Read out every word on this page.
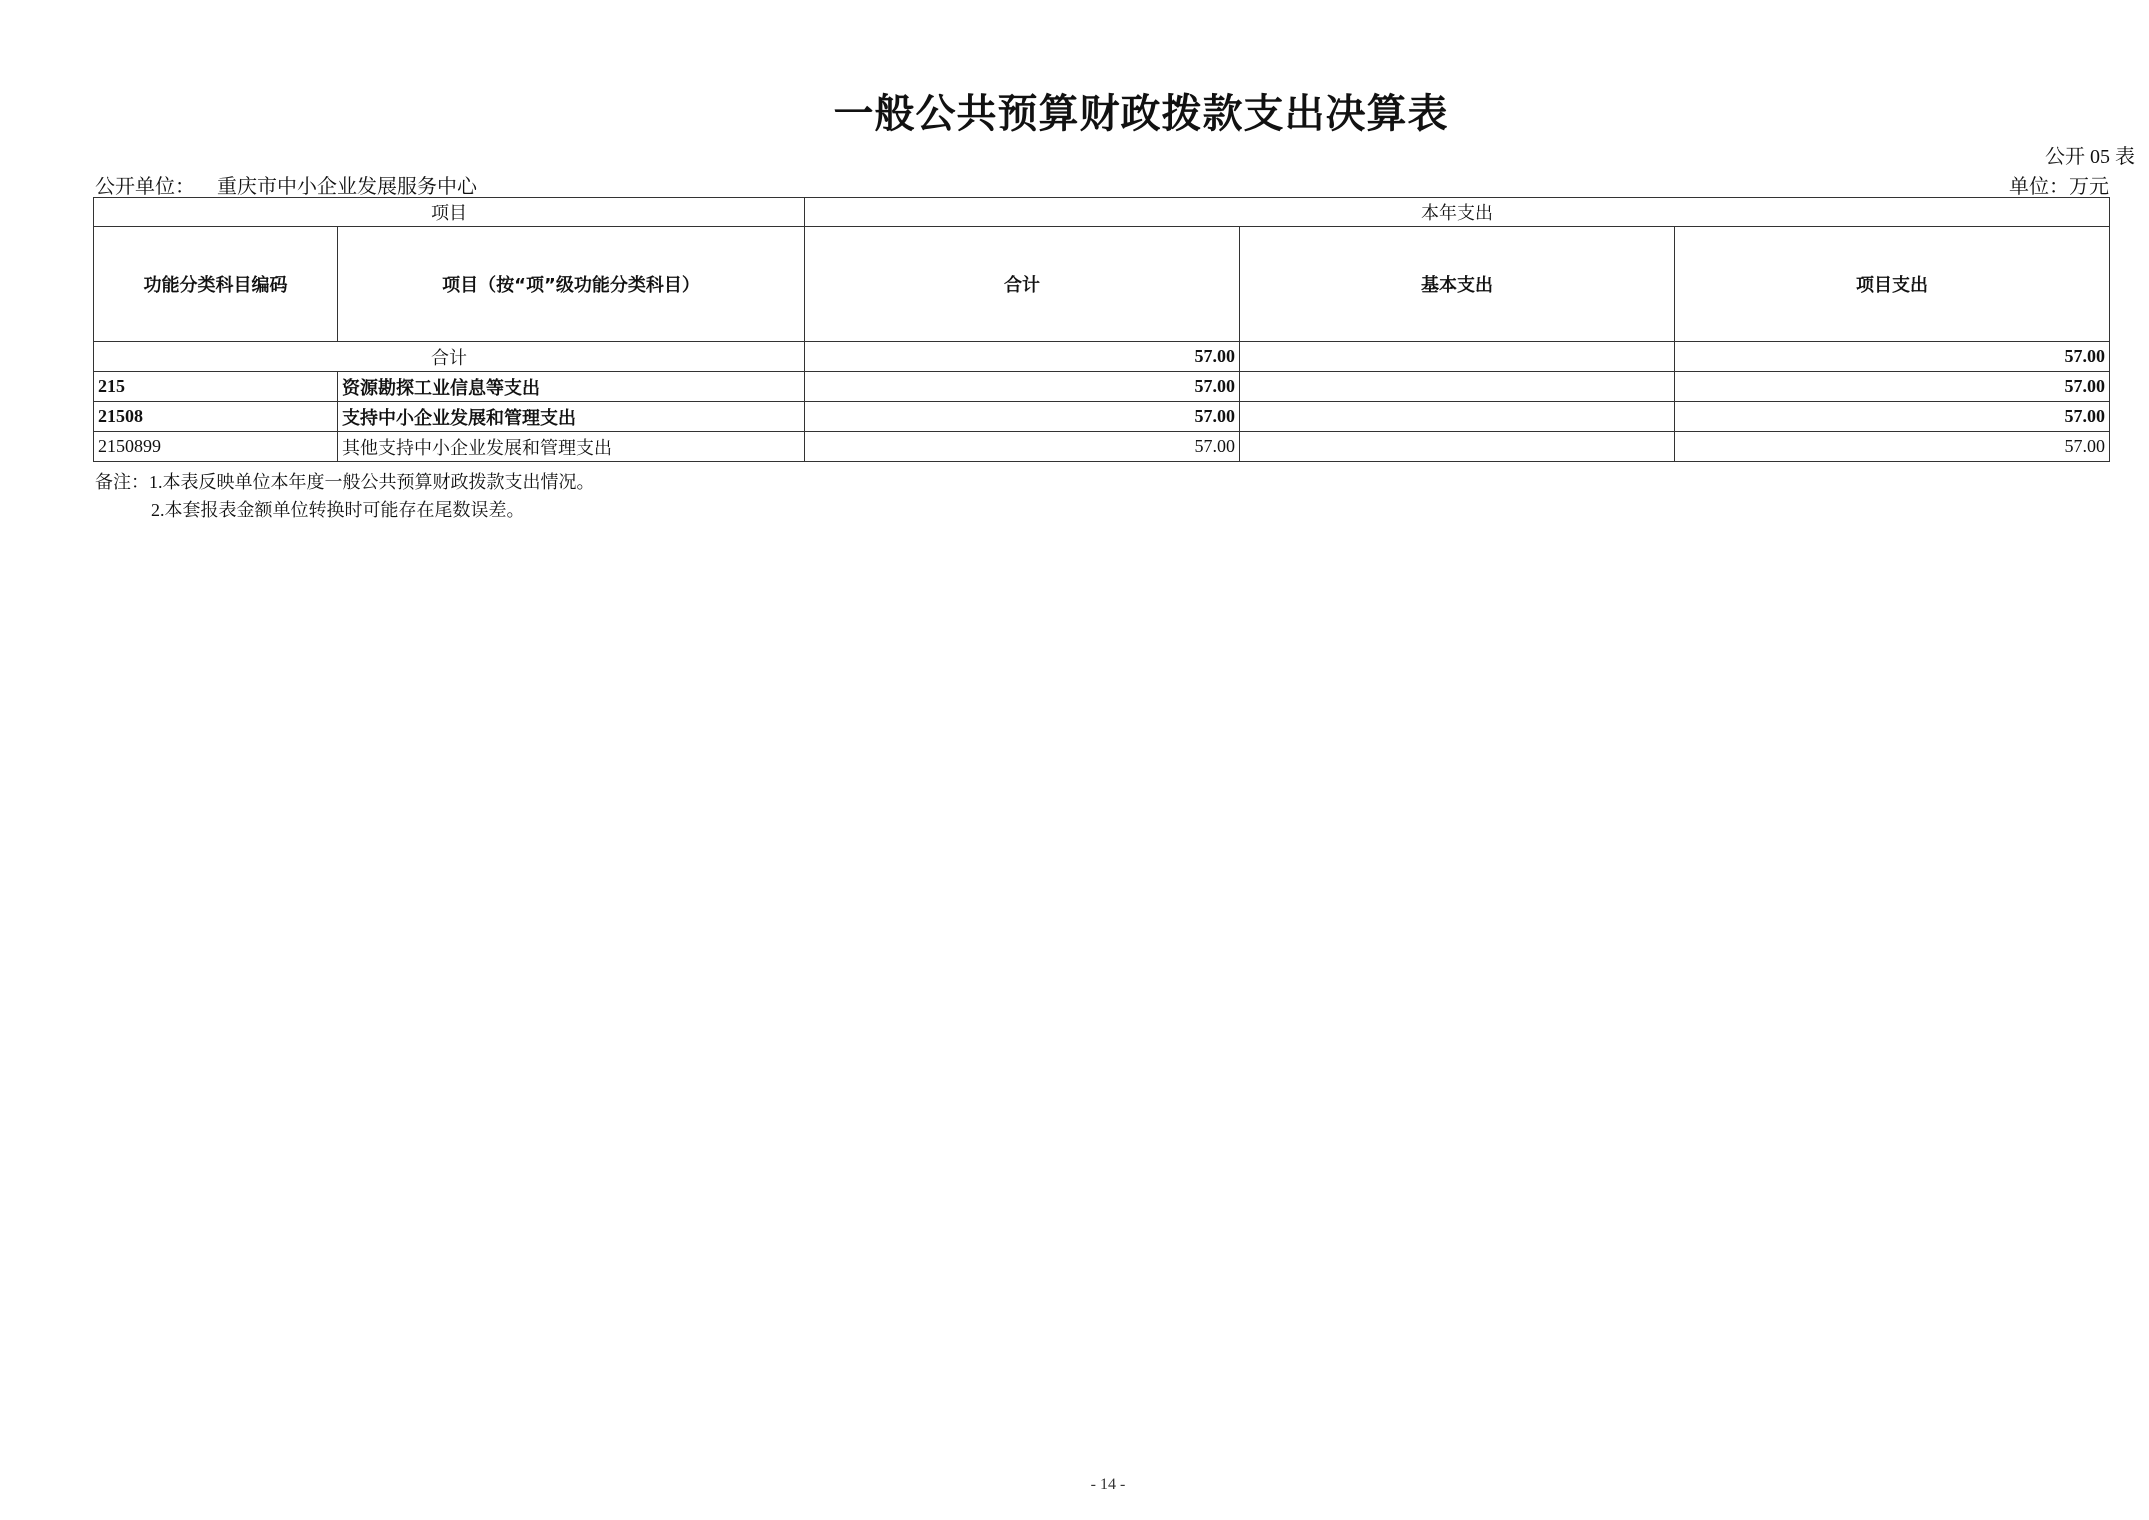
一般公共预算财政拨款支出决算表
公开 05 表
公开单位： 重庆市中小企业发展服务中心	单位：万元
项目		本年支出		
功能分类科目编码	项目（按“项”级功能分类科目）	合计	基本支出	项目支出
合计		57.00		57.00
215	资源勘探工业信息等支出	57.00		57.00
21508	支持中小企业发展和管理支出	57.00		57.00
2150899	其他支持中小企业发展和管理支出	57.00		57.00
备注：1.本表反映单位本年度一般公共预算财政拨款支出情况。
2.本套报表金额单位转换时可能存在尾数误差。
- 14 -
